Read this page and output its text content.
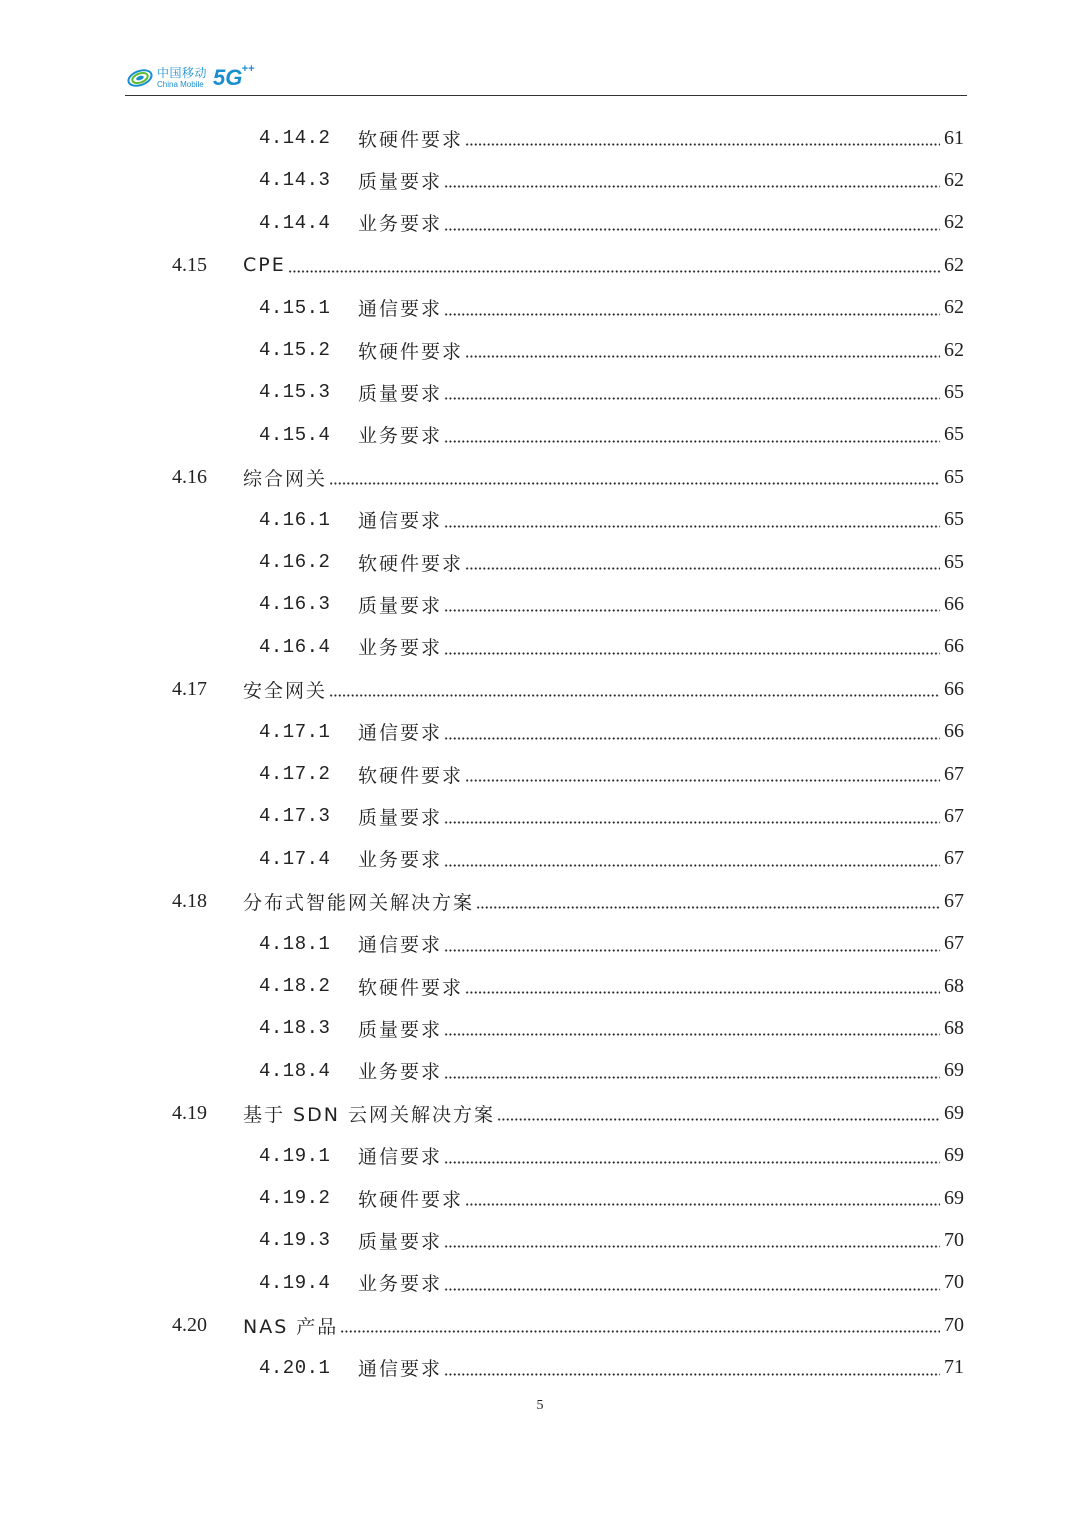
中国移动
China Mobile 5G ++
4.14.2	软硬件要求	61
4.14.3	质量要求	62
4.14.4	业务要求	62
4.15	CPE	62
4.15.1	通信要求	62
4.15.2	软硬件要求	62
4.15.3	质量要求	65
4.15.4	业务要求	65
4.16	综合网关	65
4.16.1	通信要求	65
4.16.2	软硬件要求	65
4.16.3	质量要求	66
4.16.4	业务要求	66
4.17	安全网关	66
4.17.1	通信要求	66
4.17.2	软硬件要求	67
4.17.3	质量要求	67
4.17.4	业务要求	67
4.18	分布式智能网关解决方案	67
4.18.1	通信要求	67
4.18.2	软硬件要求	68
4.18.3	质量要求	68
4.18.4	业务要求	69
4.19	基于 SDN 云网关解决方案	69
4.19.1	通信要求	69
4.19.2	软硬件要求	69
4.19.3	质量要求	70
4.19.4	业务要求	70
4.20	NAS 产品	70
4.20.1	通信要求	71
5
